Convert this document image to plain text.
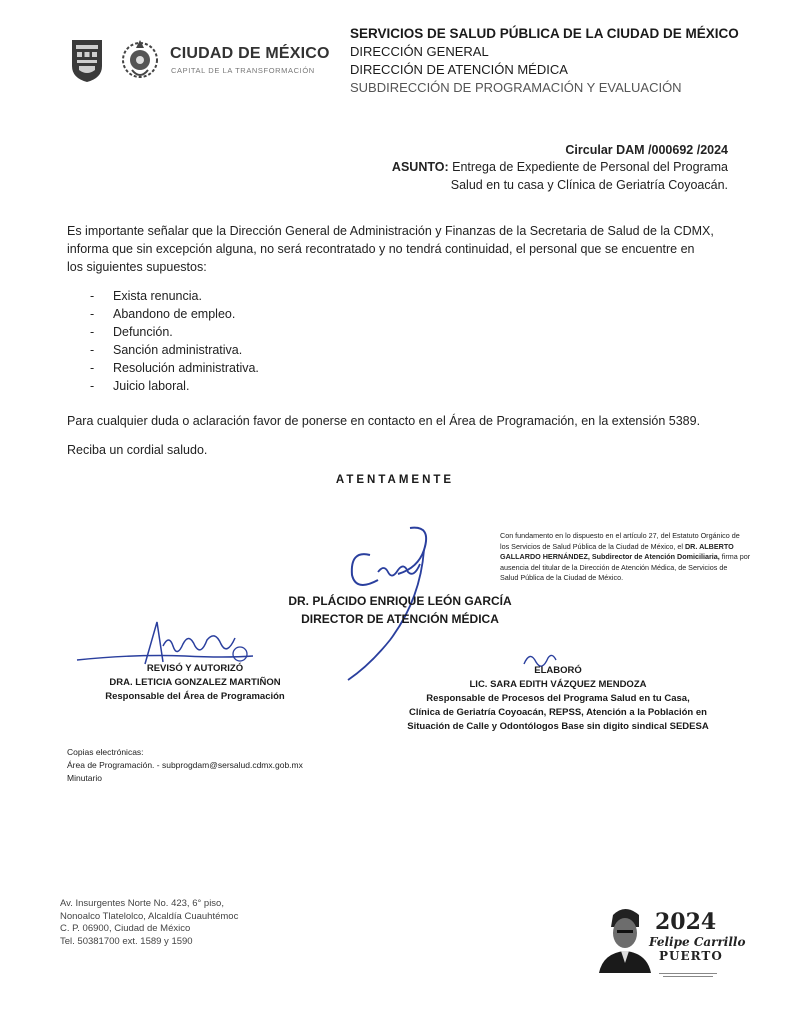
CIUDAD DE MÉXICO
CAPITAL DE LA TRANSFORMACIÓN

SERVICIOS DE SALUD PÚBLICA DE LA CIUDAD DE MÉXICO

DIRECCIÓN GENERAL

DIRECCIÓN DE ATENCIÓN MÉDICA

SUBDIRECCIÓN DE PROGRAMACIÓN Y EVALUACIÓN

Circular DAM /000692 /2024
ASUNTO: Entrega de Expediente de Personal del Programa
Salud en tu casa y Clínica de Geriatría Coyoacán.
Es importante señalar que la Dirección General de Administración y Finanzas de la Secretaria de Salud de la CDMX,
informa que sin excepción alguna, no será recontratado y no tendrá continuidad, el personal que se encuentre en
los siguientes supuestos:
- Exista renuncia.
- Abandono de empleo.
- Defunción.
- Sanción administrativa.
- Resolución administrativa.
- Juicio laboral.
Para cualquier duda o aclaración favor de ponerse en contacto en el Área de Programación, en la extensión 5389.
Reciba un cordial saludo.
ATENTAMENTE
Con fundamento en lo dispuesto en el artículo 27, del Estatuto Orgánico de
los Servicios de Salud Pública de la Ciudad de México, el DR. ALBERTO
GALLARDO HERNÁNDEZ, Subdirector de Atención Domiciliaria, firma por
ausencia del titular de la Dirección de Atención Médica, de Servicios de
Salud Pública de la Ciudad de México.
DR. PLÁCIDO ENRIQUE LEÓN GARCÍA
DIRECTOR DE ATENCIÓN MÉDICA
REVISÓ Y AUTORIZÓ
DRA. LETICIA GONZALEZ MARTIÑON
Responsable del Área de Programación
ELABORÓ
LIC. SARA EDITH VÁZQUEZ MENDOZA
Responsable de Procesos del Programa Salud en tu Casa,
Clínica de Geriatría Coyoacán, REPSS, Atención a la Población en
Situación de Calle y Odontólogos Base sin digito sindical SEDESA
Copias electrónicas:
Área de Programación. - subprogdam@sersalud.cdmx.gob.mx
Minutario
Av. Insurgentes Norte No. 423, 6° piso,
Nonoalco Tlatelolco, Alcaldía Cuauhtémoc
C. P. 06900, Ciudad de México
Tel. 50381700 ext. 1589 y 1590
2024
Felipe Carrillo
PUERTO
